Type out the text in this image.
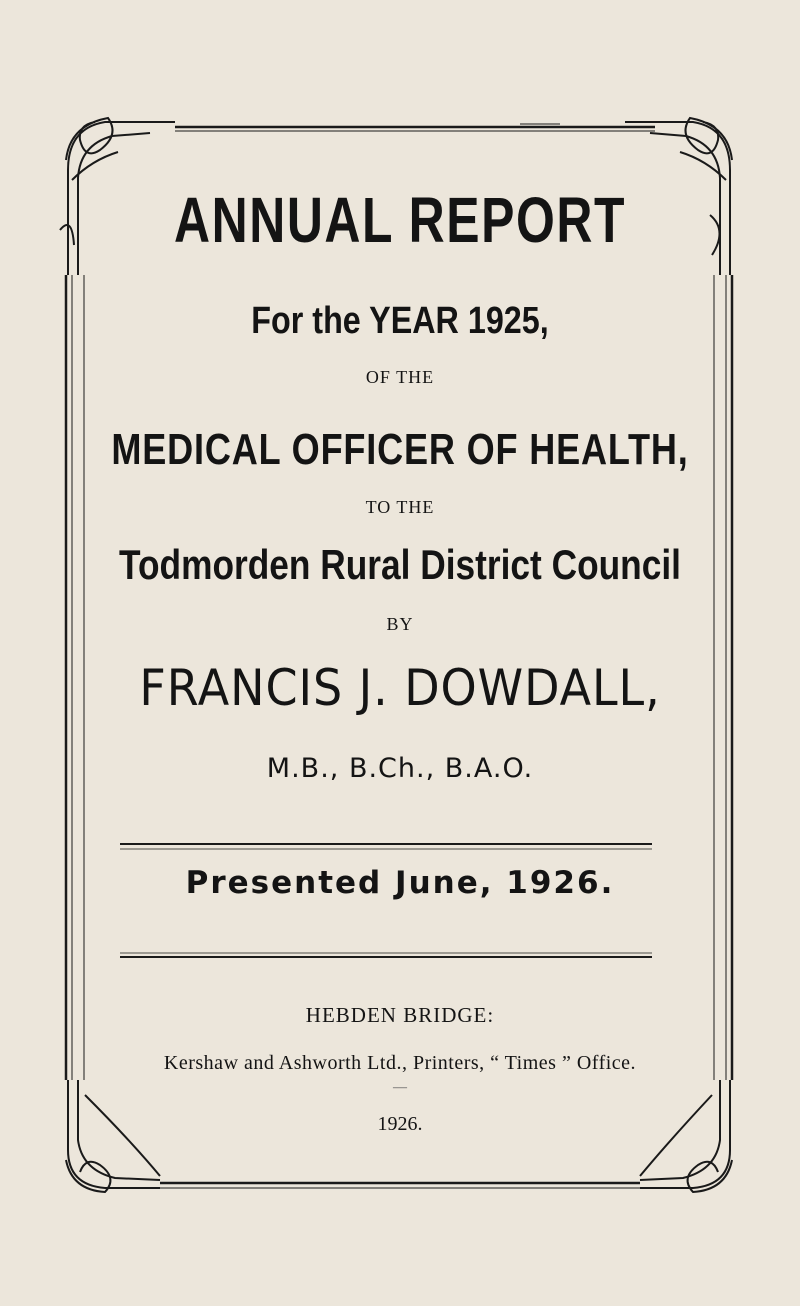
ANNUAL REPORT

For the YEAR 1925,

OF THE

MEDICAL OFFICER OF HEALTH,

TO THE

Todmorden Rural District Council

BY

FRANCIS J. DOWDALL,

M.B., B.Ch., B.A.O.

Presented June, 1926.

HEBDEN BRIDGE:

Kershaw and Ashworth Ltd., Printers, “ Times ” Office.

—

1926.
